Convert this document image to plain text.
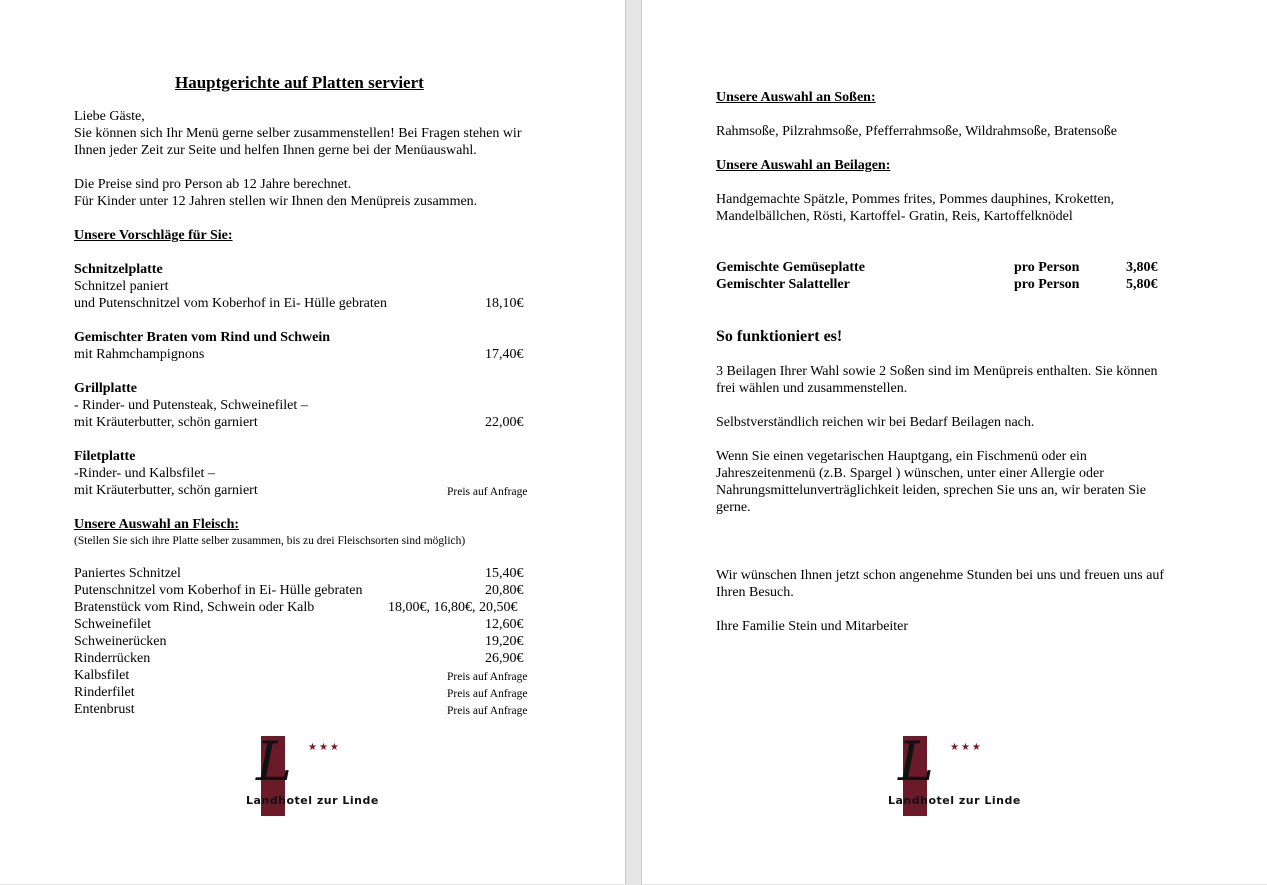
Hauptgerichte auf Platten serviert
Liebe Gäste,
Sie können sich Ihr Menü gerne selber zusammenstellen! Bei Fragen stehen wir
Ihnen jeder Zeit zur Seite und helfen Ihnen gerne bei der Menüauswahl.
Die Preise sind pro Person ab 12 Jahre berechnet.
Für Kinder unter 12 Jahren stellen wir Ihnen den Menüpreis zusammen.
Unsere Vorschläge für Sie:
Schnitzelplatte
Schnitzel paniert
und Putenschnitzel vom Koberhof in Ei- Hülle gebraten	18,10€
Gemischter Braten vom Rind und Schwein
mit Rahmchampignons	17,40€
Grillplatte
- Rinder- und Putensteak, Schweinefilet –
mit Kräuterbutter, schön garniert	22,00€
Filetplatte
-Rinder- und Kalbsfilet –
mit Kräuterbutter, schön garniert	Preis auf Anfrage
Unsere Auswahl an Fleisch:
(Stellen Sie sich ihre Platte selber zusammen, bis zu drei Fleischsorten sind möglich)
Paniertes Schnitzel	15,40€
Putenschnitzel vom Koberhof in Ei- Hülle gebraten	20,80€
Bratenstück vom Rind, Schwein oder Kalb	18,00€, 16,80€, 20,50€
Schweinefilet	12,60€
Schweinerücken	19,20€
Rinderrücken	26,90€
Kalbsfilet	Preis auf Anfrage
Rinderfilet	Preis auf Anfrage
Entenbrust	Preis auf Anfrage
L ★★★
Landhotel zur Linde
Unsere Auswahl an Soßen:
Rahmsoße, Pilzrahmsoße, Pfefferrahmsoße, Wildrahmsoße, Bratensoße
Unsere Auswahl an Beilagen:
Handgemachte Spätzle, Pommes frites, Pommes dauphines, Kroketten,
Mandelbällchen, Rösti, Kartoffel- Gratin, Reis, Kartoffelknödel
Gemischte Gemüseplatte	pro Person	3,80€
Gemischter Salatteller	pro Person	5,80€
So funktioniert es!
3 Beilagen Ihrer Wahl sowie 2 Soßen sind im Menüpreis enthalten. Sie können
frei wählen und zusammenstellen.
Selbstverständlich reichen wir bei Bedarf Beilagen nach.
Wenn Sie einen vegetarischen Hauptgang, ein Fischmenü oder ein
Jahreszeitenmenü (z.B. Spargel ) wünschen, unter einer Allergie oder
Nahrungsmittelunverträglichkeit leiden, sprechen Sie uns an, wir beraten Sie
gerne.
Wir wünschen Ihnen jetzt schon angenehme Stunden bei uns und freuen uns auf
Ihren Besuch.
Ihre Familie Stein und Mitarbeiter
L ★★★
Landhotel zur Linde
